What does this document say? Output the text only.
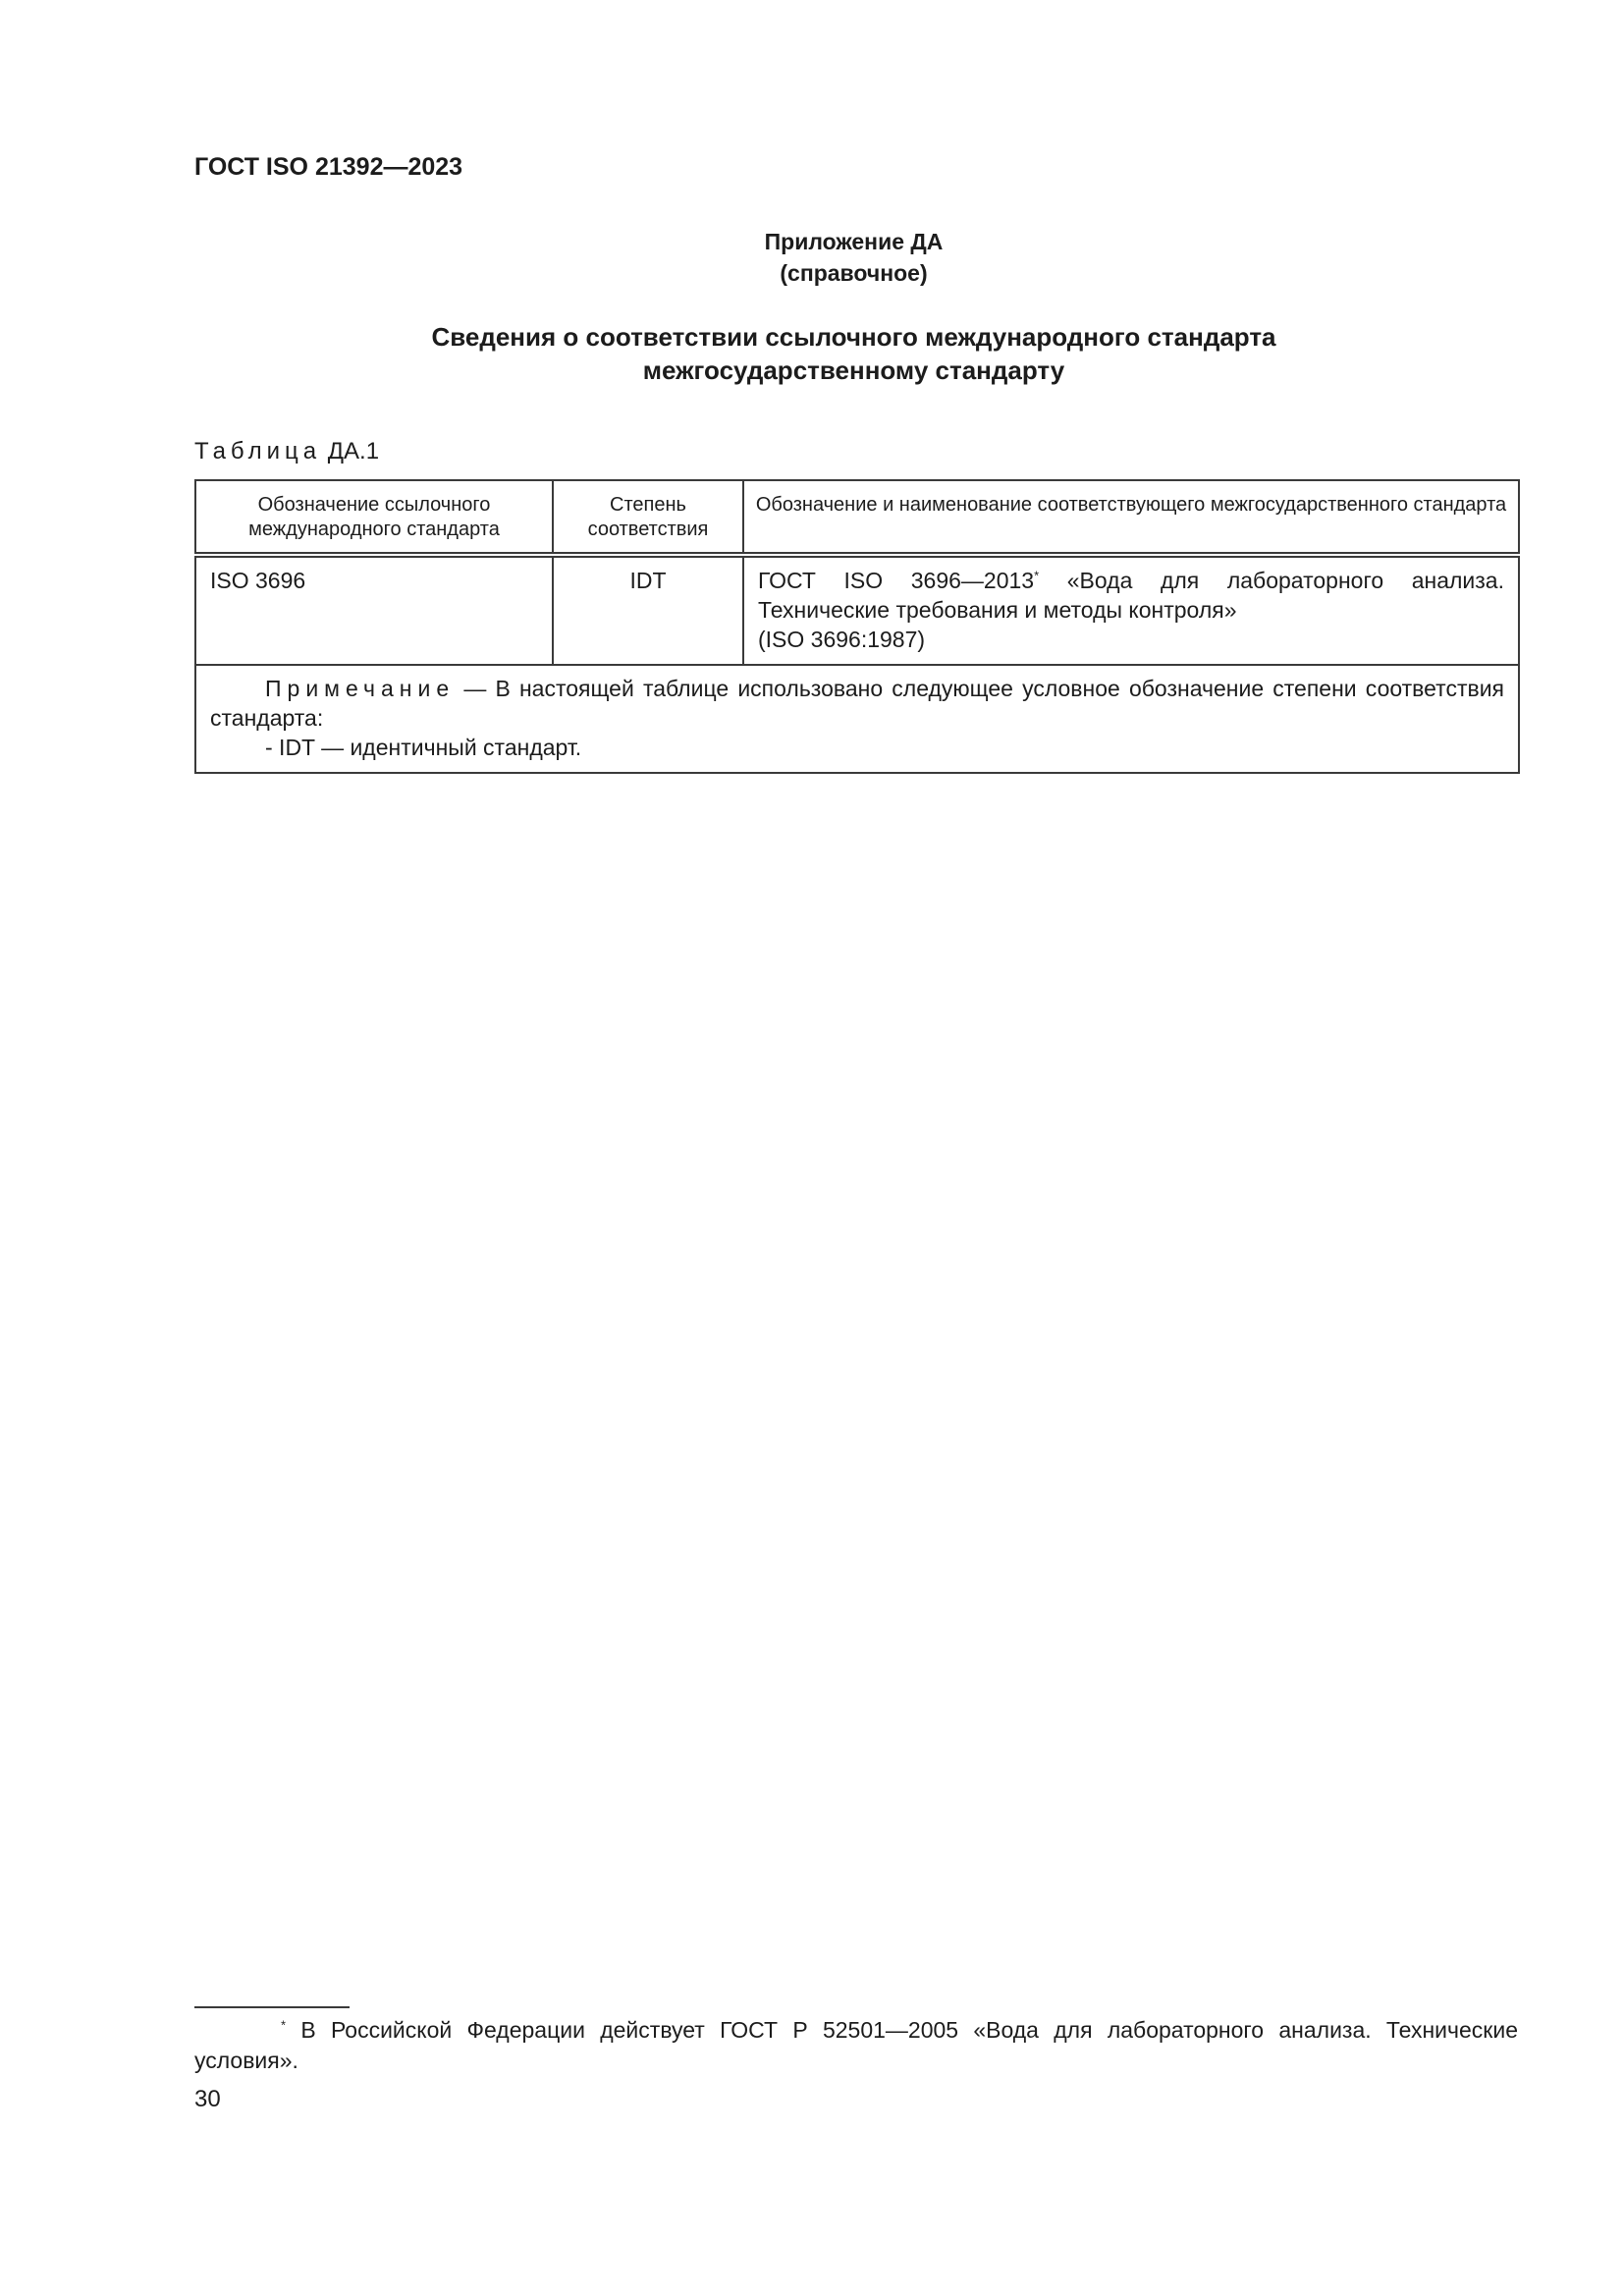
ГОСТ ISO 21392—2023
Приложение ДА
(справочное)
Сведения о соответствии ссылочного международного стандарта
межгосударственному стандарту
Таблица ДА.1
Обозначение ссылочного международного стандарта	Степень соответствия	Обозначение и наименование соответствующего межгосударственного стандарта
ISO 3696	IDT	ГОСТ ISO 3696—2013* «Вода для лабораторного анализа. Технические требования и методы контроля»
(ISO 3696:1987)

Примечание — В настоящей таблице использовано следующее условное обозначение степени соответствия стандарта:
- IDT — идентичный стандарт.		
* В Российской Федерации действует ГОСТ Р 52501—2005 «Вода для лабораторного анализа. Технические условия».
30
